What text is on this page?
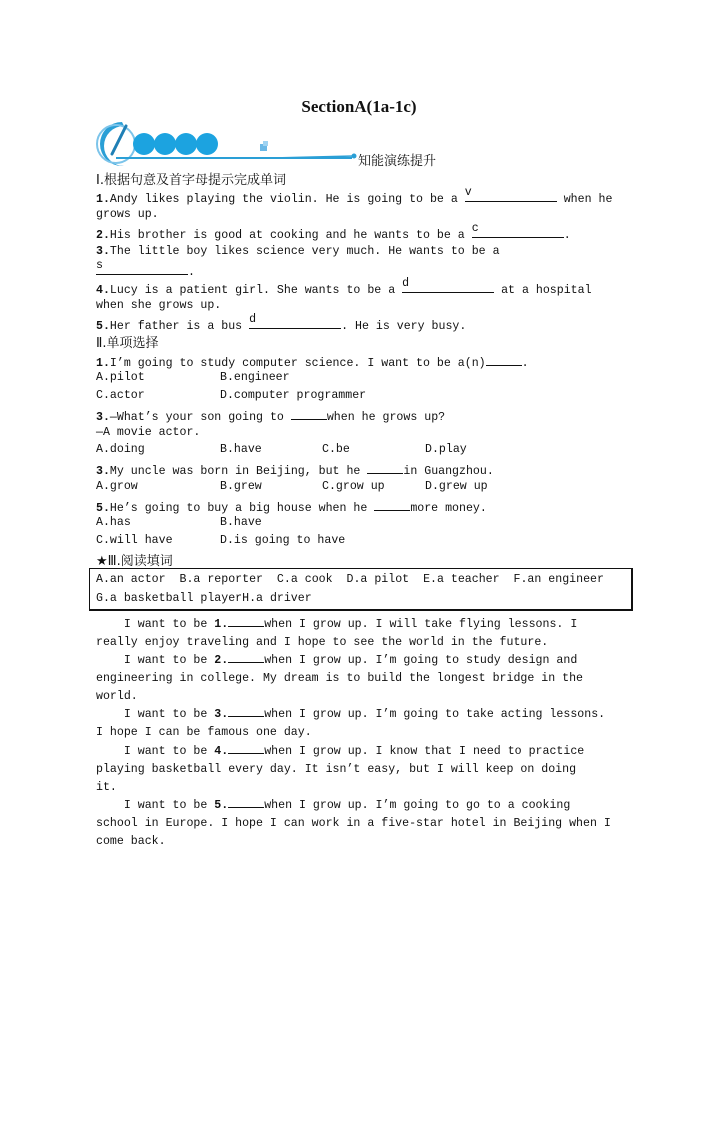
SectionA(1a-1c)
知能演练提升
Ⅰ.根据句意及首字母提示完成单词
1.Andy likes playing the violin. He is going to be a
v
when he
grows up.
2.His brother is good at cooking and he wants to be a
c
.
3.The little boy likes science very much. He wants to be a
s
.
4.Lucy is a patient girl. She wants to be a
d
at a hospital
when she grows up.
5.Her father is a bus
d
. He is very busy.
Ⅱ.单项选择
1.I’m going to study computer science. I want to be a(n)	.
A.pilot	B.engineer
C.actor	D.computer programmer
3.—What’s your son going to	when he grows up?
—A movie actor.
A.doing	B.have	C.be	D.play
3.My uncle was born in Beijing, but he	in Guangzhou.
A.grow	B.grew	C.grow up	D.grew up
5.He’s going to buy a big house when he	more money.
A.has	B.have
C.will have	D.is going to have
★Ⅲ.阅读填词
A.an actor B.a reporter C.a cook D.a pilot E.a teacher F.an engineer
G.a basketball playerH.a driver
I want to be 1.	when I grow up. I will take flying lessons. I
really enjoy traveling and I hope to see the world in the future.
I want to be 2.	when I grow up. I’m going to study design and
engineering in college. My dream is to build the longest bridge in the
world.
I want to be 3.	when I grow up. I’m going to take acting lessons.
I hope I can be famous one day.
I want to be 4.	when I grow up. I know that I need to practice
playing basketball every day. It isn’t easy, but I will keep on doing
it.
I want to be 5.	when I grow up. I’m going to go to a cooking
school in Europe. I hope I can work in a five-star hotel in Beijing when I
come back.
